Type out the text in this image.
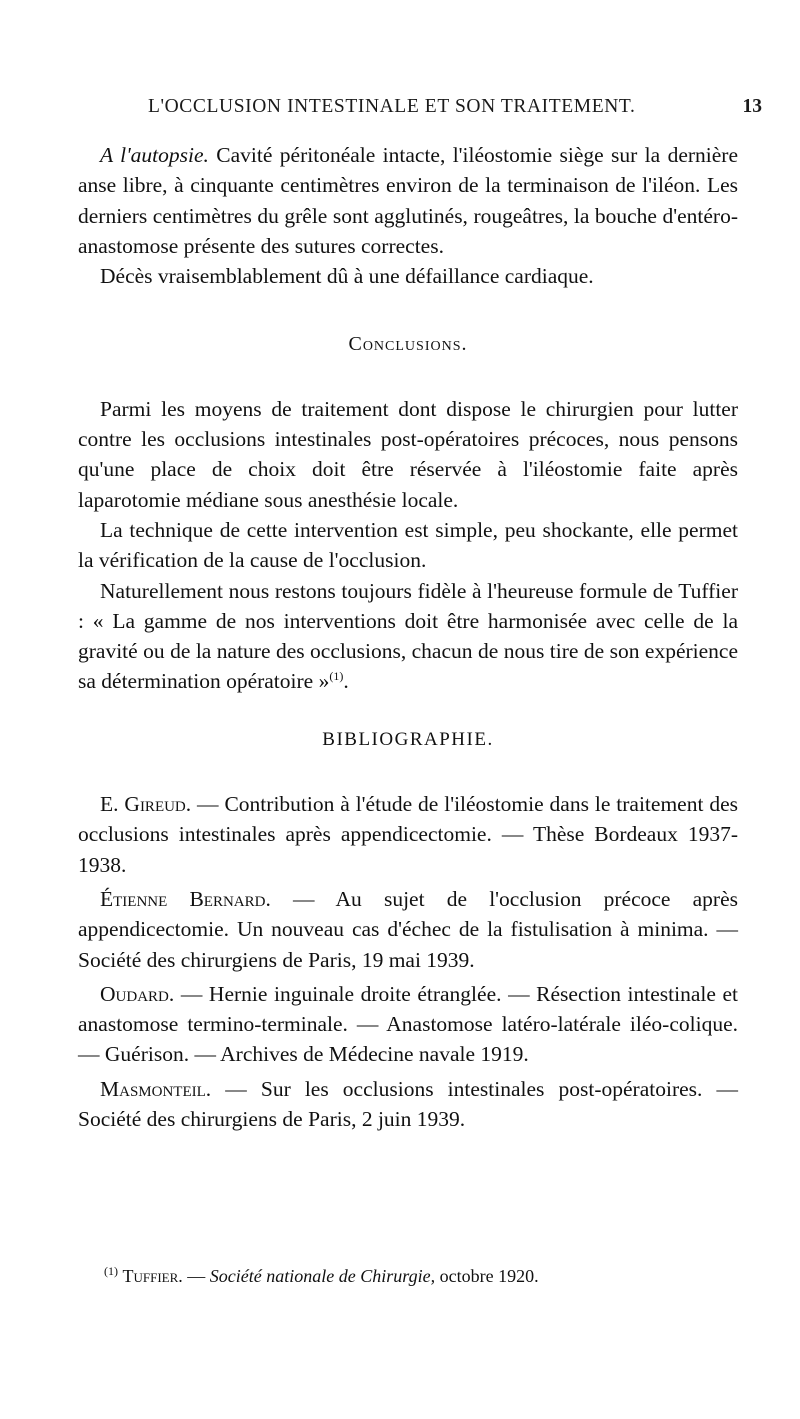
L'OCCLUSION INTESTINALE ET SON TRAITEMENT.	13

A l'autopsie. Cavité péritonéale intacte, l'iléostomie siège sur la dernière anse libre, à cinquante centimètres environ de la terminaison de l'iléon. Les derniers centimètres du grêle sont agglutinés, rougeâtres, la bouche d'entéro-anastomose présente des sutures correctes.

Décès vraisemblablement dû à une défaillance cardiaque.

Conclusions.

Parmi les moyens de traitement dont dispose le chirurgien pour lutter contre les occlusions intestinales post-opératoires précoces, nous pensons qu'une place de choix doit être réservée à l'iléostomie faite après laparotomie médiane sous anesthésie locale.

La technique de cette intervention est simple, peu shockante, elle permet la vérification de la cause de l'occlusion.

Naturellement nous restons toujours fidèle à l'heureuse formule de Tuffier : « La gamme de nos interventions doit être harmonisée avec celle de la gravité ou de la nature des occlusions, chacun de nous tire de son expérience sa détermination opératoire »$^{(1)}$.

BIBLIOGRAPHIE.

E. Gireud. — Contribution à l'étude de l'iléostomie dans le traitement des occlusions intestinales après appendicectomie. — Thèse Bordeaux 1937-1938.

Étienne Bernard. — Au sujet de l'occlusion précoce après appendicectomie. Un nouveau cas d'échec de la fistulisation à minima. — Société des chirurgiens de Paris, 19 mai 1939.

Oudard. — Hernie inguinale droite étranglée. — Résection intestinale et anastomose termino-terminale. — Anastomose latéro-latérale iléo-colique. — Guérison. — Archives de Médecine navale 1919.

Masmonteil. — Sur les occlusions intestinales post-opératoires. — Société des chirurgiens de Paris, 2 juin 1939.

$^{(1)}$ Tuffier. — Société nationale de Chirurgie, octobre 1920.
